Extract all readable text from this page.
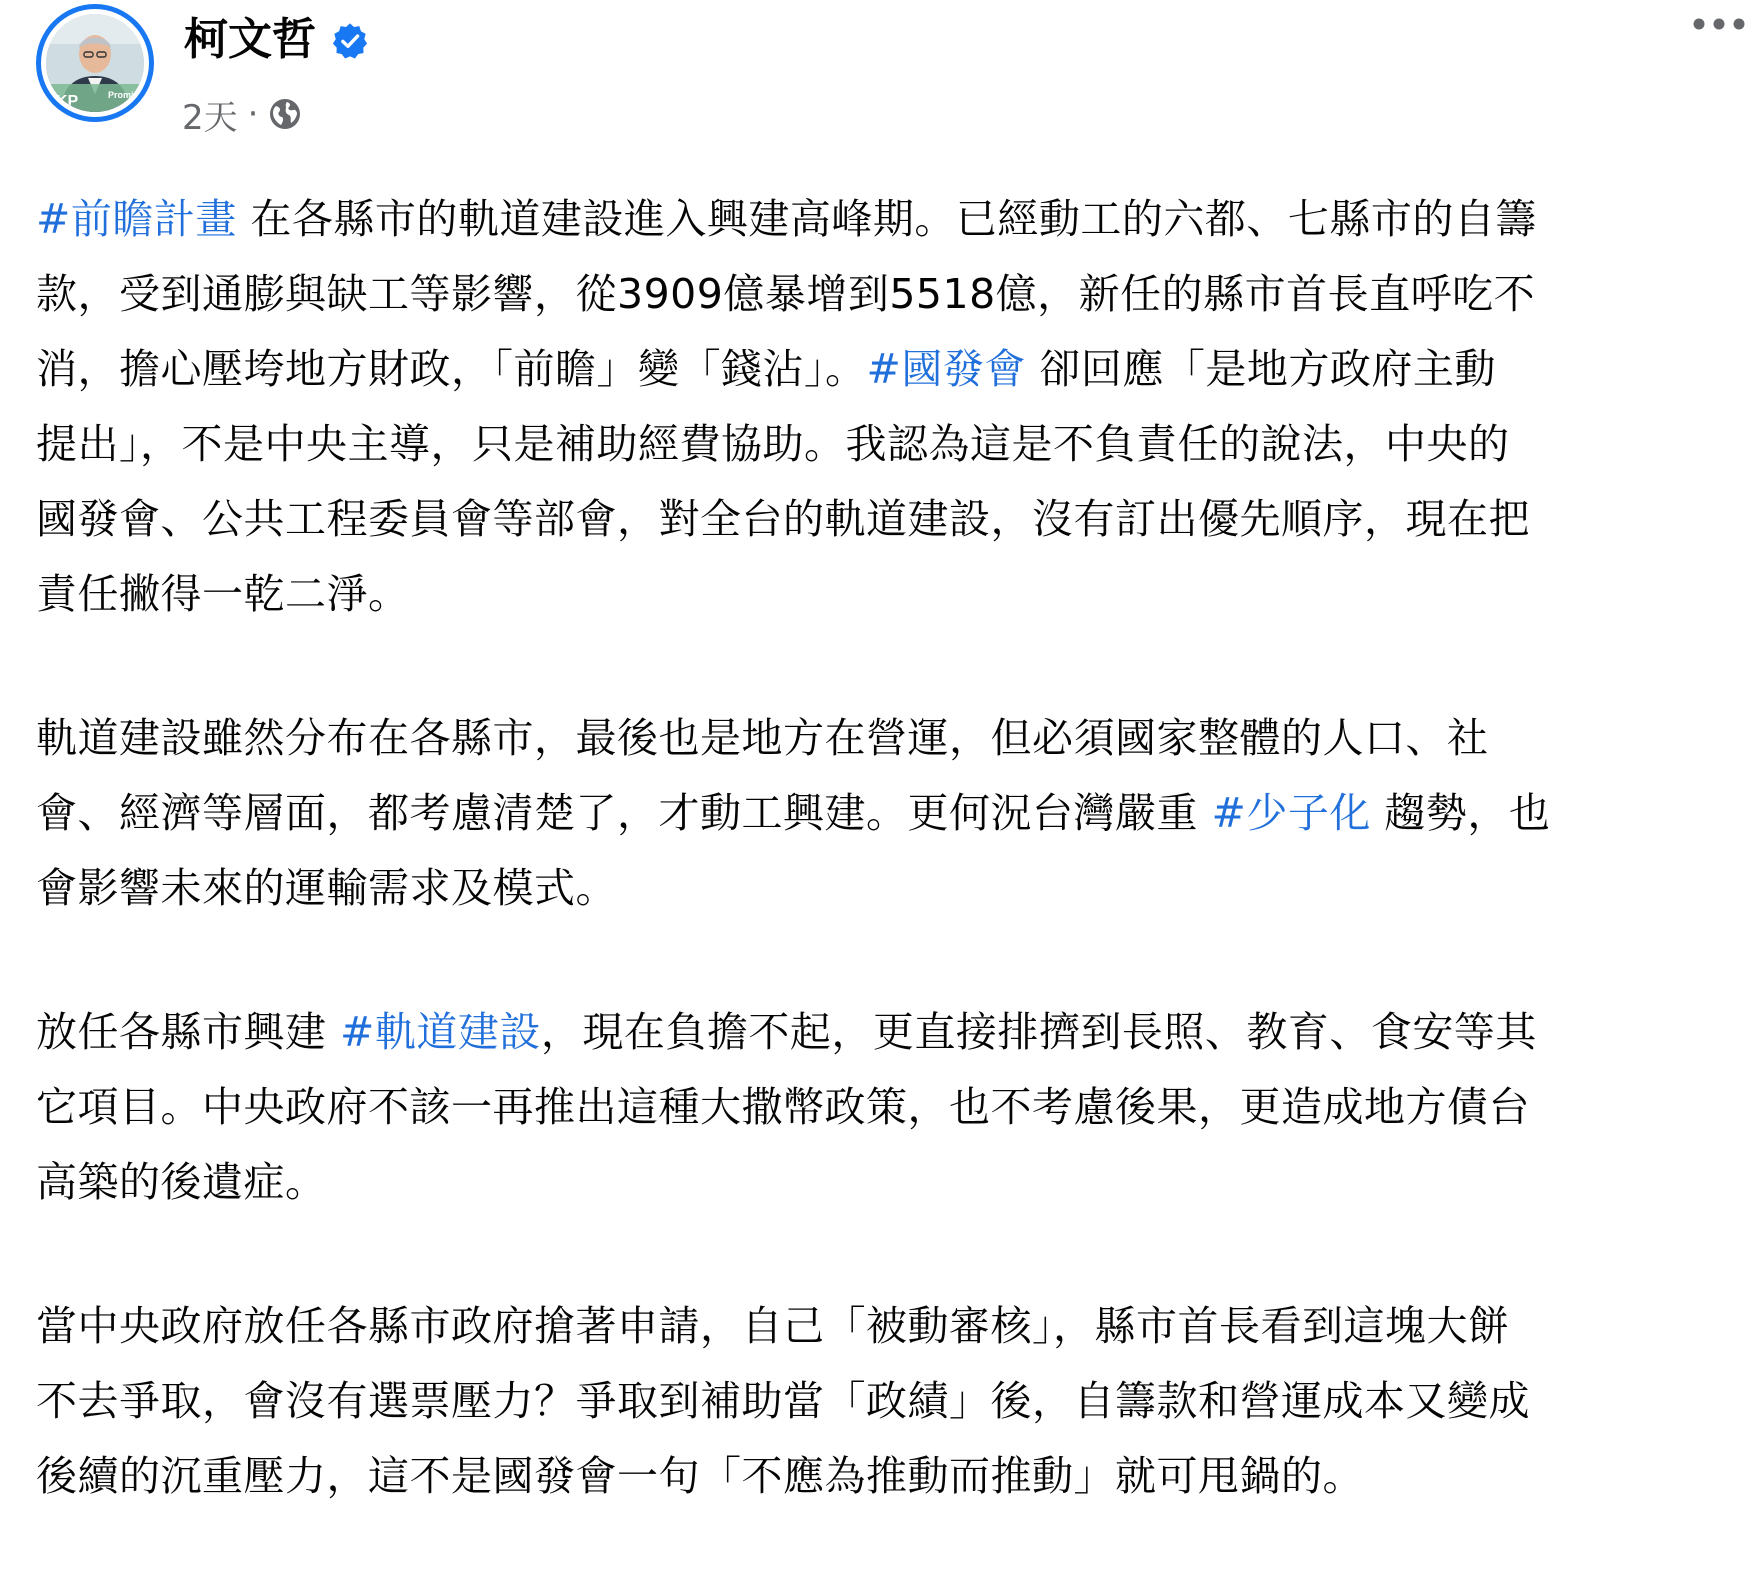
Promise
KP
柯文哲
2天 ·
#前瞻計畫 在各縣市的軌道建設進入興建高峰期。已經動工的六都、七縣市的自籌
款，受到通膨與缺工等影響，從3909億暴增到5518億，新任的縣市首長直呼吃不
消，擔心壓垮地方財政，「前瞻」變「錢沾」。#國發會 卻回應「是地方政府主動
提出」，不是中央主導，只是補助經費協助。我認為這是不負責任的說法，中央的
國發會、公共工程委員會等部會，對全台的軌道建設，沒有訂出優先順序，現在把
責任撇得一乾二淨。
軌道建設雖然分布在各縣市，最後也是地方在營運，但必須國家整體的人口、社
會、經濟等層面，都考慮清楚了，才動工興建。更何況台灣嚴重 #少子化 趨勢，也
會影響未來的運輸需求及模式。
放任各縣市興建 #軌道建設，現在負擔不起，更直接排擠到長照、教育、食安等其
它項目。中央政府不該一再推出這種大撒幣政策，也不考慮後果，更造成地方債台
高築的後遺症。
當中央政府放任各縣市政府搶著申請，自己「被動審核」，縣市首長看到這塊大餅
不去爭取，會沒有選票壓力？爭取到補助當「政績」後，自籌款和營運成本又變成
後續的沉重壓力，這不是國發會一句「不應為推動而推動」就可甩鍋的。
